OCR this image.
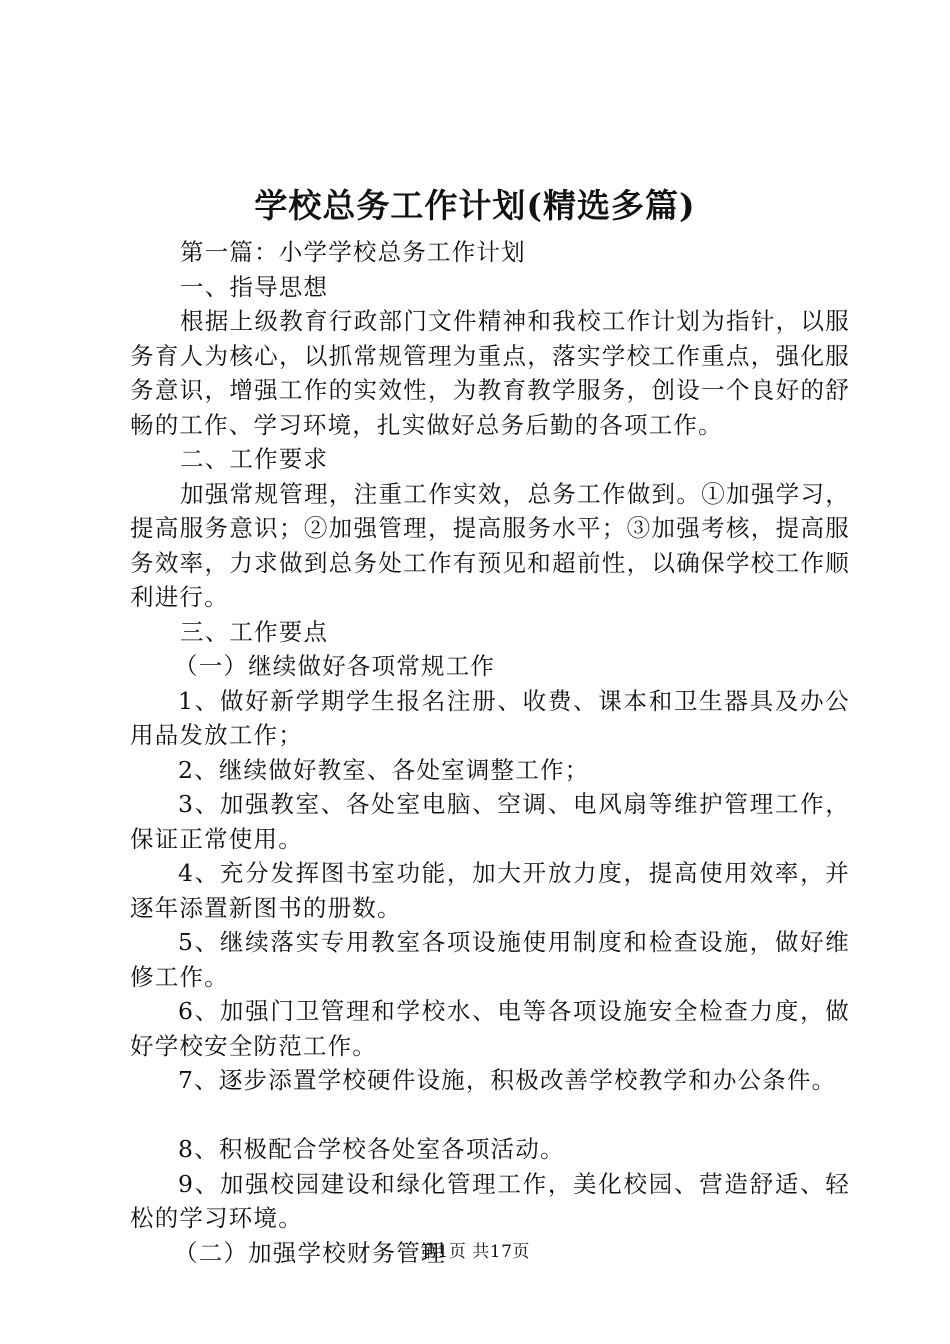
学校总务工作计划(精选多篇)

第一篇：小学学校总务工作计划

一、指导思想

根据上级教育行政部门文件精神和我校工作计划为指针，以服务育人为核心，以抓常规管理为重点，落实学校工作重点，强化服务意识，增强工作的实效性，为教育教学服务，创设一个良好的舒畅的工作、学习环境，扎实做好总务后勤的各项工作。

二、工作要求

加强常规管理，注重工作实效，总务工作做到。①加强学习，提高服务意识；②加强管理，提高服务水平；③加强考核，提高服务效率，力求做到总务处工作有预见和超前性，以确保学校工作顺利进行。

三、工作要点

（一）继续做好各项常规工作

1、做好新学期学生报名注册、收费、课本和卫生器具及办公用品发放工作；

2、继续做好教室、各处室调整工作；

3、加强教室、各处室电脑、空调、电风扇等维护管理工作，保证正常使用。

4、充分发挥图书室功能，加大开放力度，提高使用效率，并逐年添置新图书的册数。

5、继续落实专用教室各项设施使用制度和检查设施，做好维修工作。

6、加强门卫管理和学校水、电等各项设施安全检查力度，做好学校安全防范工作。

7、逐步添置学校硬件设施，积极改善学校教学和办公条件。

8、积极配合学校各处室各项活动。

9、加强校园建设和绿化管理工作，美化校园、营造舒适、轻松的学习环境。

（二）加强学校财务管理

第1页 共17页
